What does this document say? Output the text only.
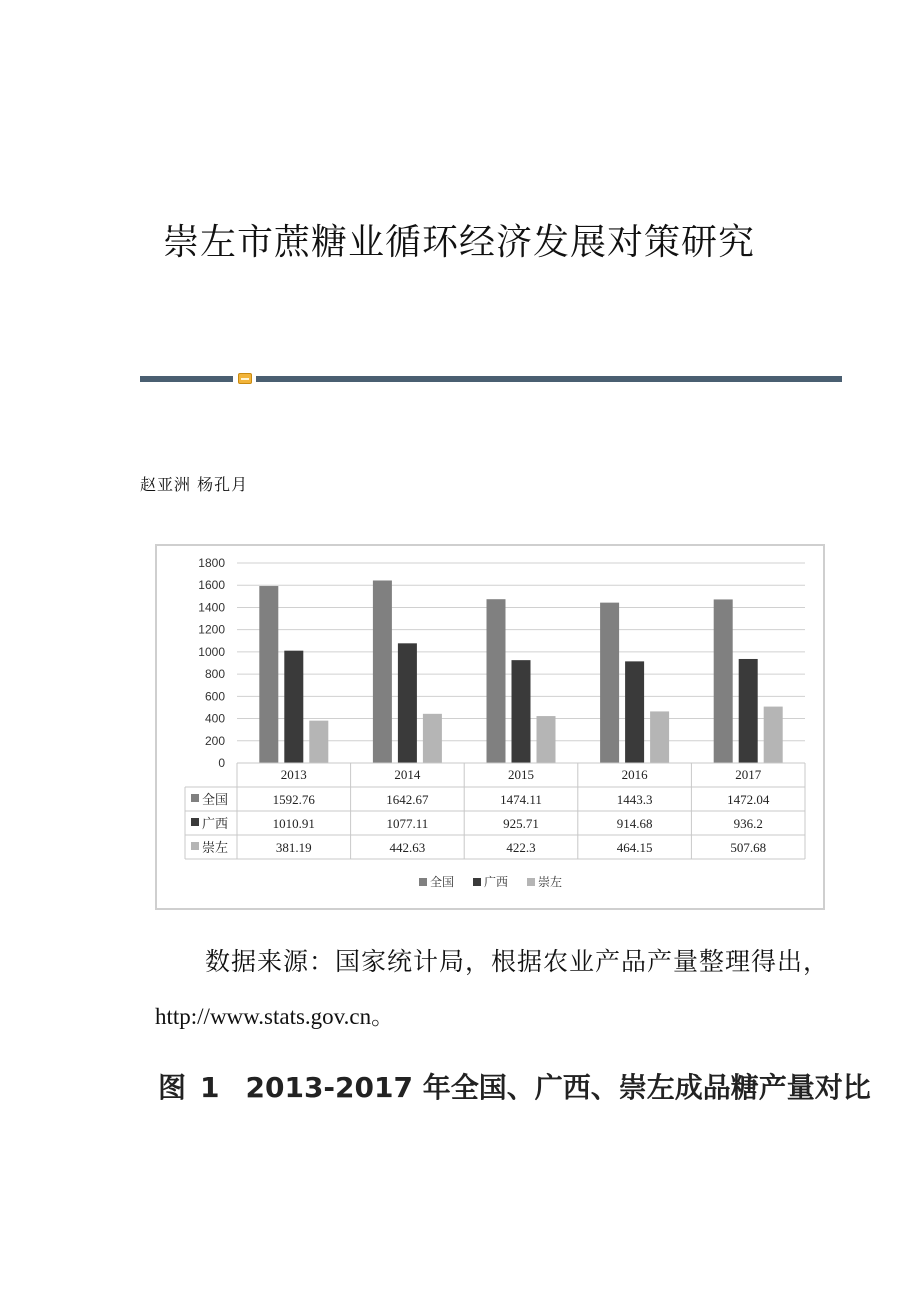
崇左市蔗糖业循环经济发展对策研究
赵亚洲 杨孔月
0
200
400
600
800
1000
1200
1400
1600
1800
2013	2014	2015	2016	2017
全国	1592.76	1642.67	1474.11	1443.3	1472.04
广西	1010.91	1077.11	925.71	914.68	936.2
崇左	381.19	442.63	422.3	464.15	507.68
全国 广西 崇左
数据来源：国家统计局，根据农业产品产量整理得出，
http://www.stats.gov.cn。
图 1 2013-2017 年全国、广西、崇左成品糖产量对比
